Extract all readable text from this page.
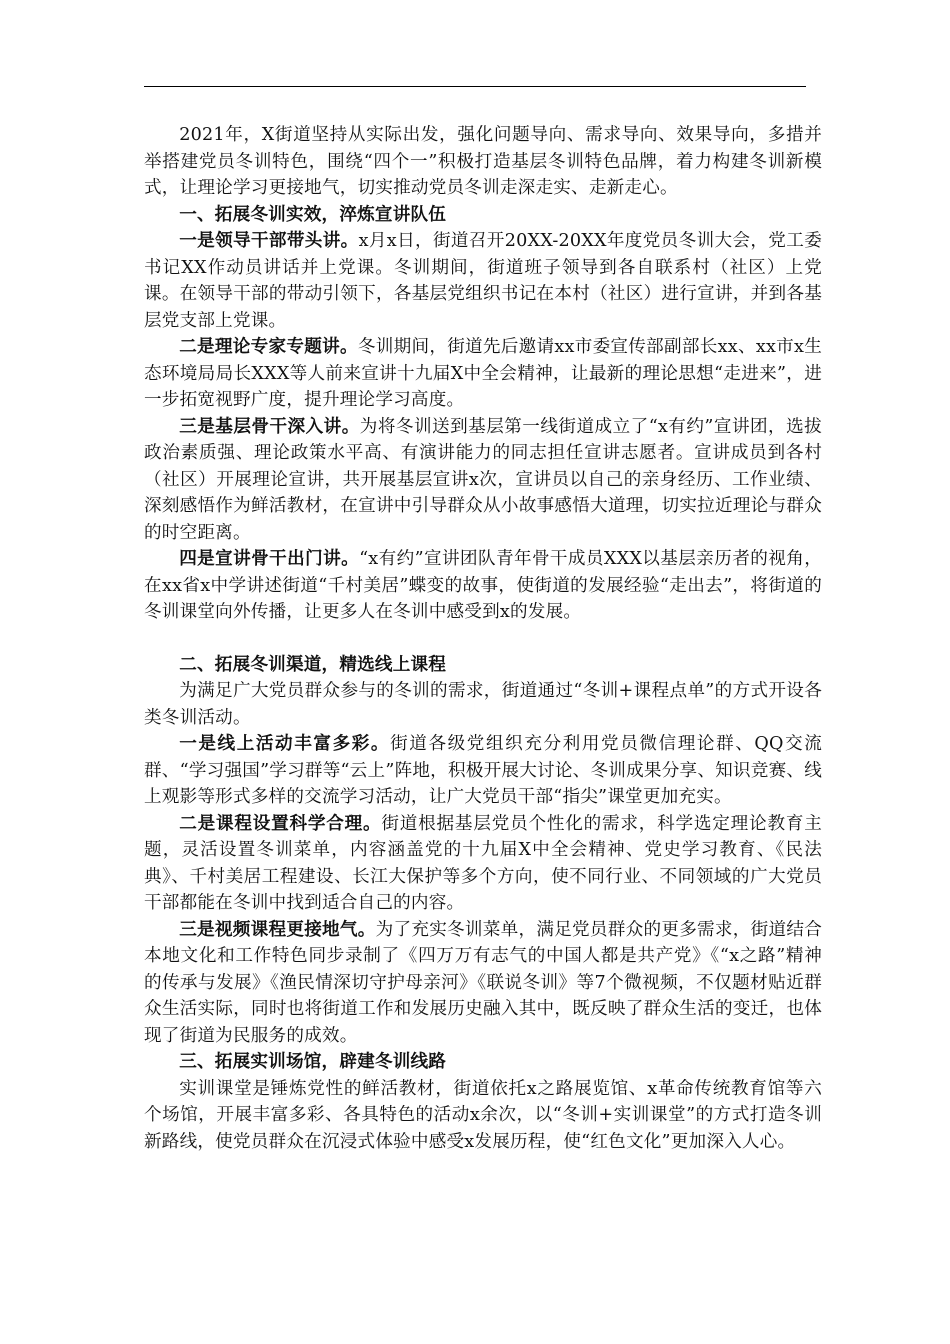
2021年，X街道坚持从实际出发，强化问题导向、需求导向、效果导向，多措并举搭建党员冬训特色，围绕“四个一”积极打造基层冬训特色品牌，着力构建冬训新模式，让理论学习更接地气，切实推动党员冬训走深走实、走新走心。

一、拓展冬训实效，淬炼宣讲队伍

一是领导干部带头讲。x月x日，街道召开20XX-20XX年度党员冬训大会，党工委书记XX作动员讲话并上党课。冬训期间，街道班子领导到各自联系村（社区）上党课。在领导干部的带动引领下，各基层党组织书记在本村（社区）进行宣讲，并到各基层党支部上党课。

二是理论专家专题讲。冬训期间，街道先后邀请xx市委宣传部副部长xx、xx市x生态环境局局长XXX等人前来宣讲十九届X中全会精神，让最新的理论思想“走进来”，进一步拓宽视野广度，提升理论学习高度。

三是基层骨干深入讲。为将冬训送到基层第一线街道成立了“x有约”宣讲团，选拔政治素质强、理论政策水平高、有演讲能力的同志担任宣讲志愿者。宣讲成员到各村（社区）开展理论宣讲，共开展基层宣讲x次，宣讲员以自己的亲身经历、工作业绩、深刻感悟作为鲜活教材，在宣讲中引导群众从小故事感悟大道理，切实拉近理论与群众的时空距离。

四是宣讲骨干出门讲。“x有约”宣讲团队青年骨干成员XXX以基层亲历者的视角，在xx省x中学讲述街道“千村美居”蝶变的故事，使街道的发展经验“走出去”，将街道的冬训课堂向外传播，让更多人在冬训中感受到x的发展。

二、拓展冬训渠道，精选线上课程

为满足广大党员群众参与的冬训的需求，街道通过“冬训+课程点单”的方式开设各类冬训活动。

一是线上活动丰富多彩。街道各级党组织充分利用党员微信理论群、QQ交流群、“学习强国”学习群等“云上”阵地，积极开展大讨论、冬训成果分享、知识竞赛、线上观影等形式多样的交流学习活动，让广大党员干部“指尖”课堂更加充实。

二是课程设置科学合理。街道根据基层党员个性化的需求，科学选定理论教育主题，灵活设置冬训菜单，内容涵盖党的十九届X中全会精神、党史学习教育、《民法典》、千村美居工程建设、长江大保护等多个方向，使不同行业、不同领域的广大党员干部都能在冬训中找到适合自己的内容。

三是视频课程更接地气。为了充实冬训菜单，满足党员群众的更多需求，街道结合本地文化和工作特色同步录制了《四万万有志气的中国人都是共产党》《“x之路”精神的传承与发展》《渔民情深切守护母亲河》《联说冬训》等7个微视频，不仅题材贴近群众生活实际，同时也将街道工作和发展历史融入其中，既反映了群众生活的变迁，也体现了街道为民服务的成效。

三、拓展实训场馆，辟建冬训线路

实训课堂是锤炼党性的鲜活教材，街道依托x之路展览馆、x革命传统教育馆等六个场馆，开展丰富多彩、各具特色的活动x余次，以“冬训+实训课堂”的方式打造冬训新路线，使党员群众在沉浸式体验中感受x发展历程，使“红色文化”更加深入人心。
